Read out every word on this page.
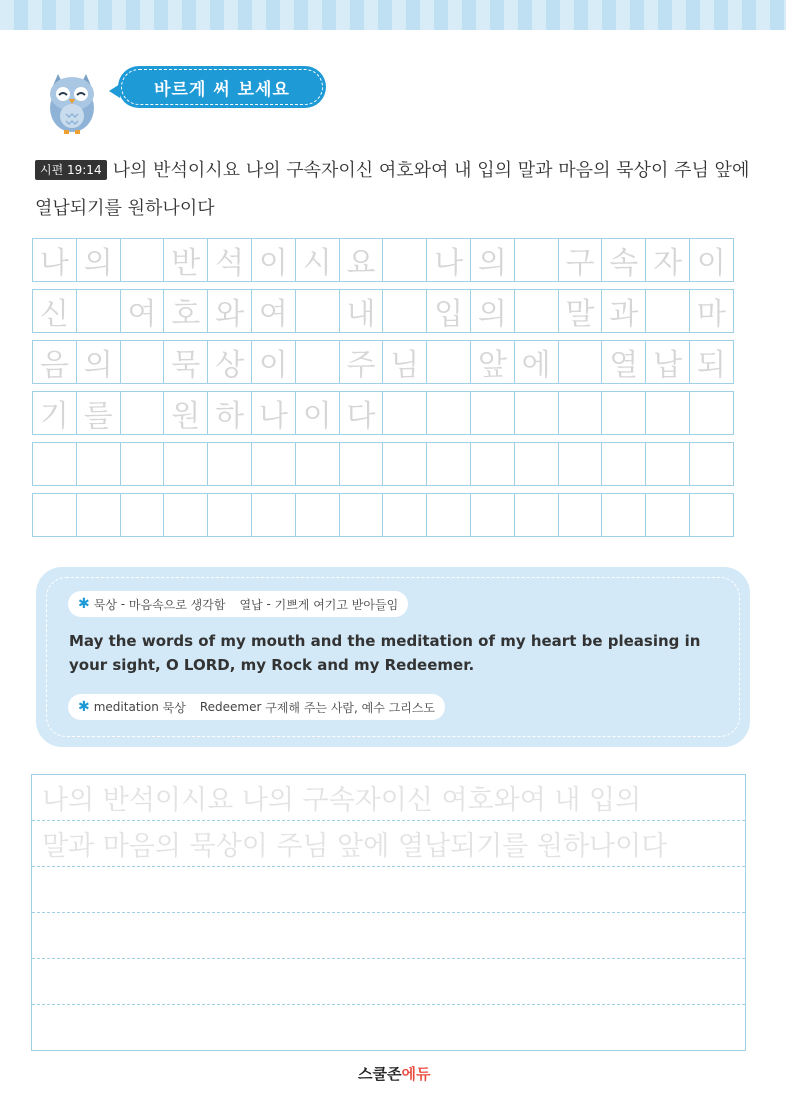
바르게 써 보세요
시편 19:14 나의 반석이시요 나의 구속자이신 여호와여 내 입의 말과 마음의 묵상이 주님 앞에 열납되기를 원하나이다
나 의 반 석 이 시 요 나 의 구 속 자 이
신 여 호 와 여 내 입 의 말 과 마
음 의 묵 상 이 주 님 앞 에 열 납 되
기 를 원 하 나 이 다
✱ 묵상 - 마음속으로 생각함 열납 - 기쁘게 여기고 받아들임
May the words of my mouth and the meditation of my heart be pleasing in your sight, O LORD, my Rock and my Redeemer.
✱ meditation
묵상 Redeemer
구제해 주는 사람, 예수 그리스도
나의 반석이시요 나의 구속자이신 여호와여 내 입의
말과 마음의 묵상이 주님 앞에 열납되기를 원하나이다
스쿨존에듀
